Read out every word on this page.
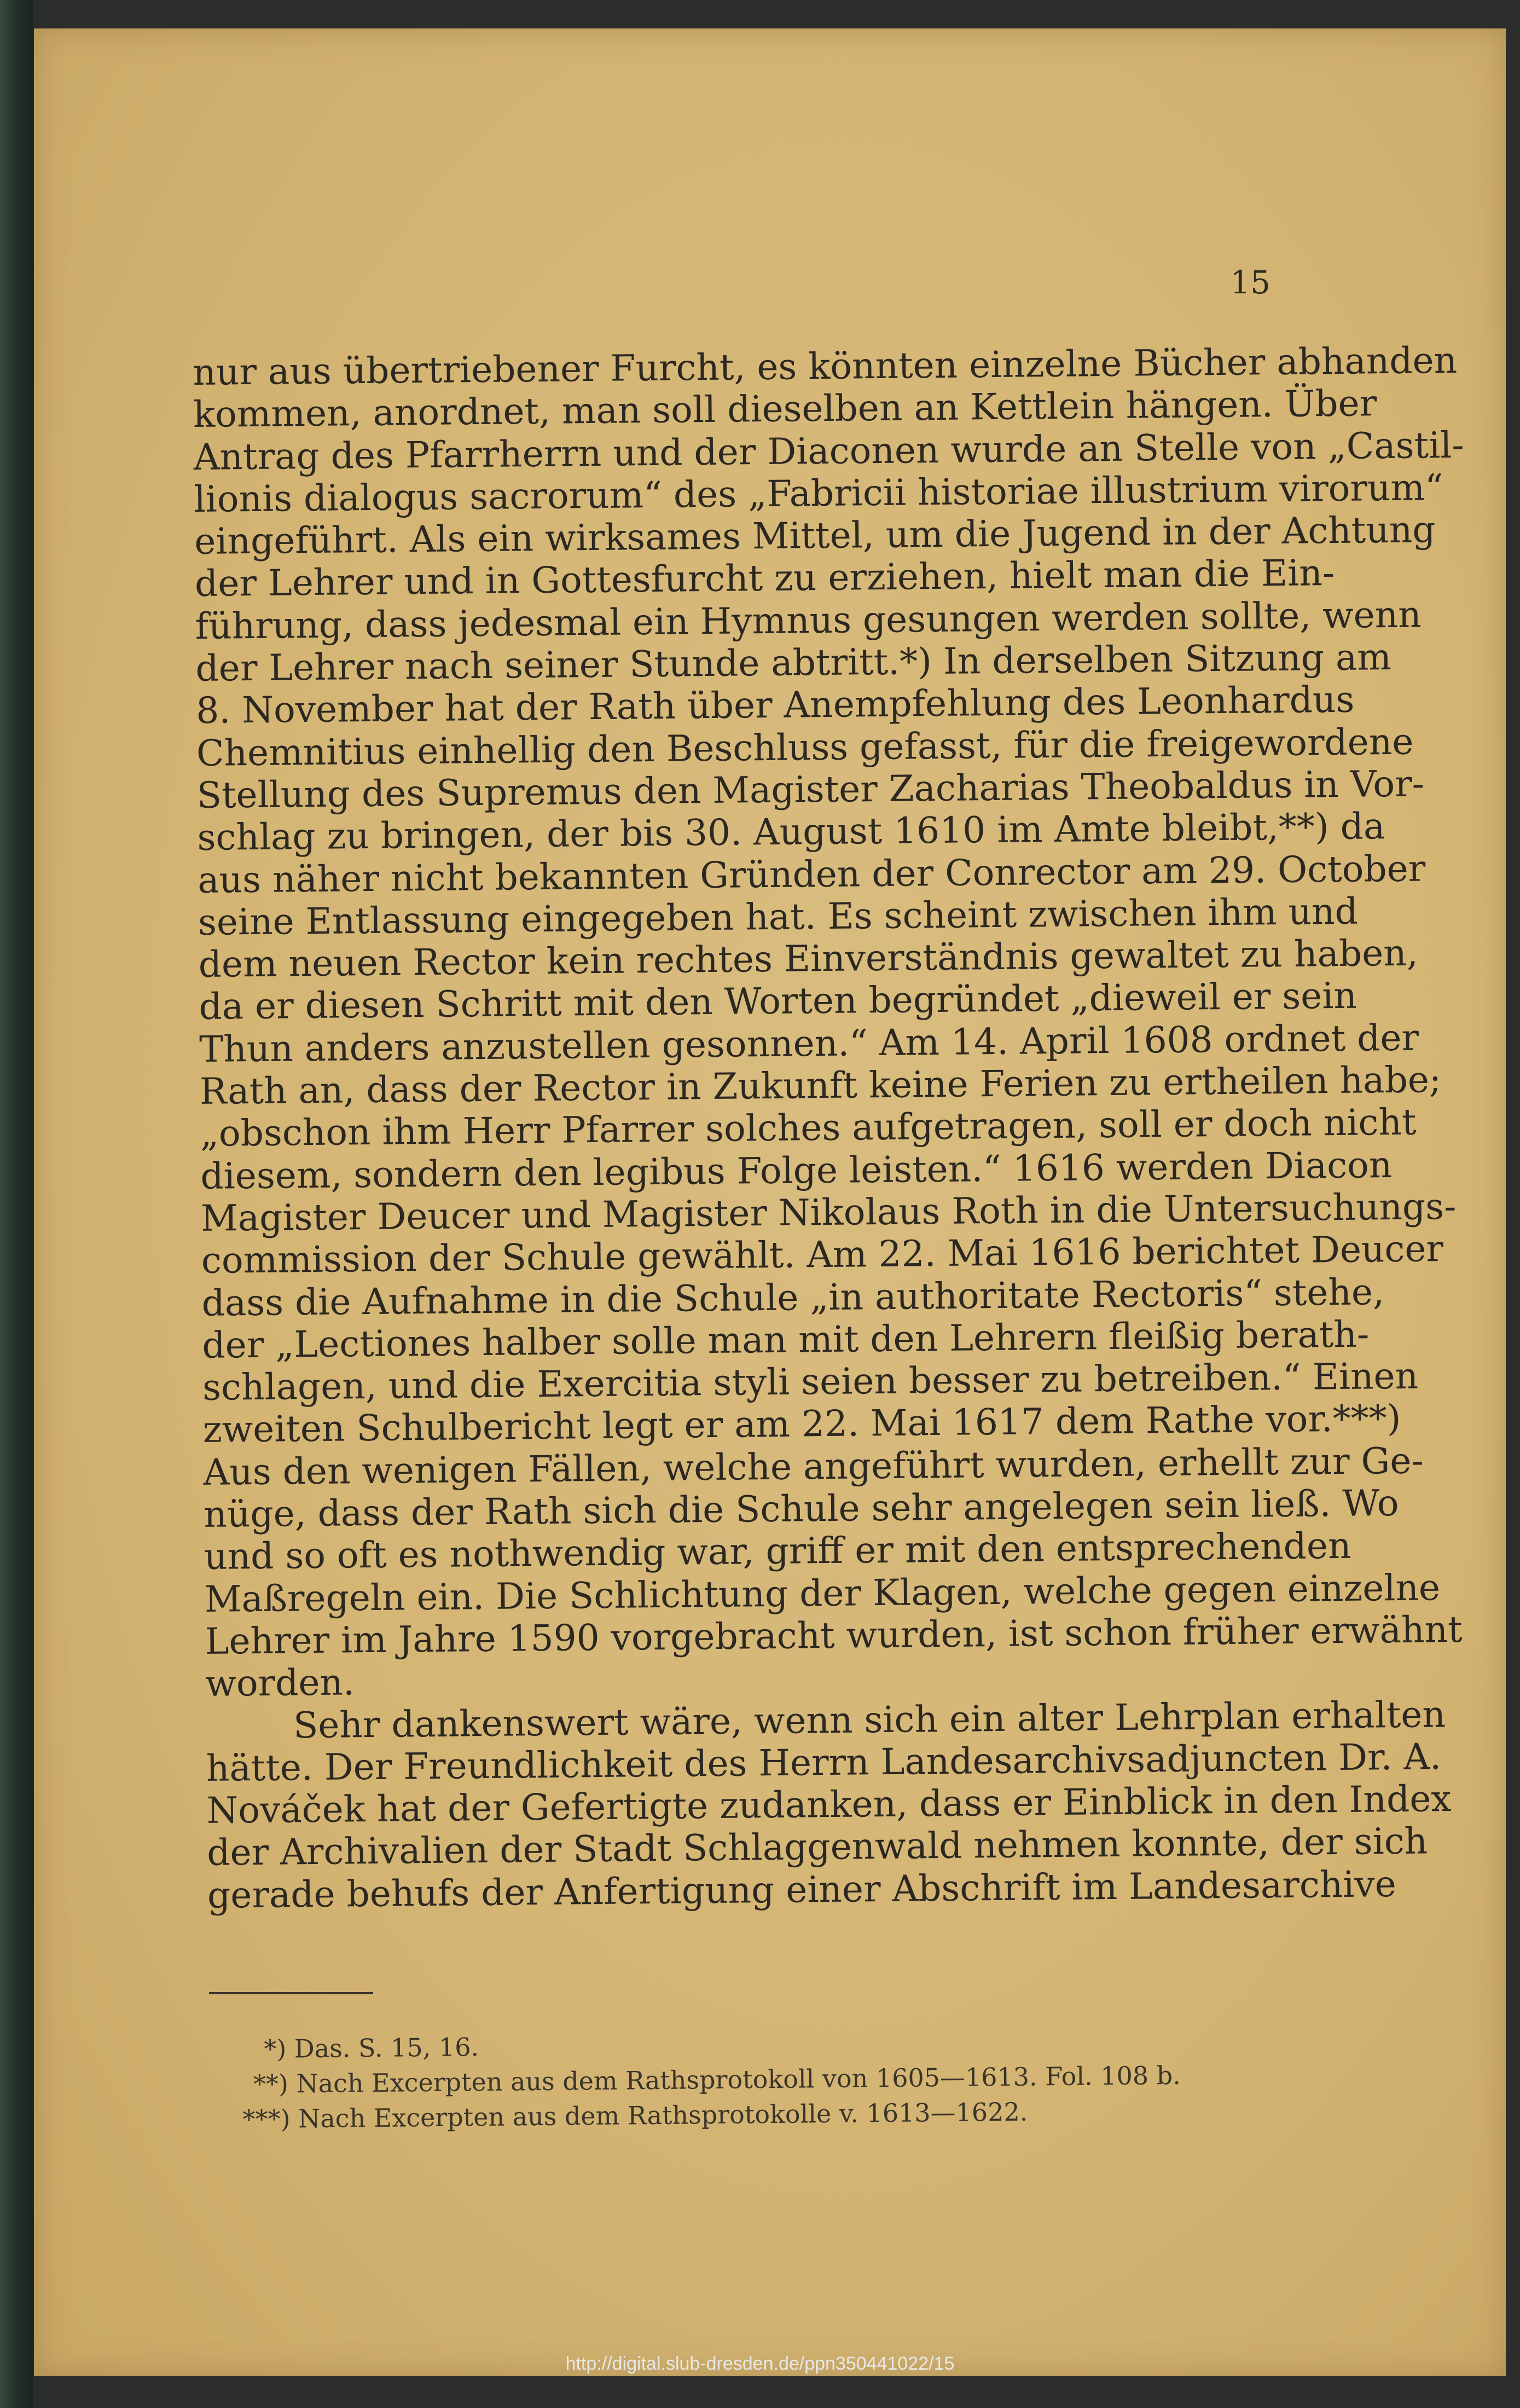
15
nur aus übertriebener Furcht, es könnten einzelne Bücher abhanden
kommen, anordnet, man soll dieselben an Kettlein hängen. Über
Antrag des Pfarrherrn und der Diaconen wurde an Stelle von „Castil-
lionis dialogus sacrorum“ des „Fabricii historiae illustrium virorum“
eingeführt. Als ein wirksames Mittel, um die Jugend in der Achtung
der Lehrer und in Gottesfurcht zu erziehen, hielt man die Ein-
führung, dass jedesmal ein Hymnus gesungen werden sollte, wenn
der Lehrer nach seiner Stunde abtritt.*) In derselben Sitzung am
8. November hat der Rath über Anempfehlung des Leonhardus
Chemnitius einhellig den Beschluss gefasst, für die freigewordene
Stellung des Supremus den Magister Zacharias Theobaldus in Vor-
schlag zu bringen, der bis 30. August 1610 im Amte bleibt,**) da
aus näher nicht bekannten Gründen der Conrector am 29. October
seine Entlassung eingegeben hat. Es scheint zwischen ihm und
dem neuen Rector kein rechtes Einverständnis gewaltet zu haben,
da er diesen Schritt mit den Worten begründet „dieweil er sein
Thun anders anzustellen gesonnen.“ Am 14. April 1608 ordnet der
Rath an, dass der Rector in Zukunft keine Ferien zu ertheilen habe;
„obschon ihm Herr Pfarrer solches aufgetragen, soll er doch nicht
diesem, sondern den legibus Folge leisten.“ 1616 werden Diacon
Magister Deucer und Magister Nikolaus Roth in die Untersuchungs-
commission der Schule gewählt. Am 22. Mai 1616 berichtet Deucer
dass die Aufnahme in die Schule „in authoritate Rectoris“ stehe,
der „Lectiones halber solle man mit den Lehrern fleißig berath-
schlagen, und die Exercitia styli seien besser zu betreiben.“ Einen
zweiten Schulbericht legt er am 22. Mai 1617 dem Rathe vor.***)
Aus den wenigen Fällen, welche angeführt wurden, erhellt zur Ge-
nüge, dass der Rath sich die Schule sehr angelegen sein ließ. Wo
und so oft es nothwendig war, griff er mit den entsprechenden
Maßregeln ein. Die Schlichtung der Klagen, welche gegen einzelne
Lehrer im Jahre 1590 vorgebracht wurden, ist schon früher erwähnt
worden.
Sehr dankenswert wäre, wenn sich ein alter Lehrplan erhalten
hätte. Der Freundlichkeit des Herrn Landesarchivsadjuncten Dr. A.
Nováček hat der Gefertigte zudanken, dass er Einblick in den Index
der Archivalien der Stadt Schlaggenwald nehmen konnte, der sich
gerade behufs der Anfertigung einer Abschrift im Landesarchive
*) Das. S. 15, 16.
**) Nach Excerpten aus dem Rathsprotokoll von 1605—1613. Fol. 108 b.
***) Nach Excerpten aus dem Rathsprotokolle v. 1613—1622.
http://digital.slub-dresden.de/ppn350441022/15
